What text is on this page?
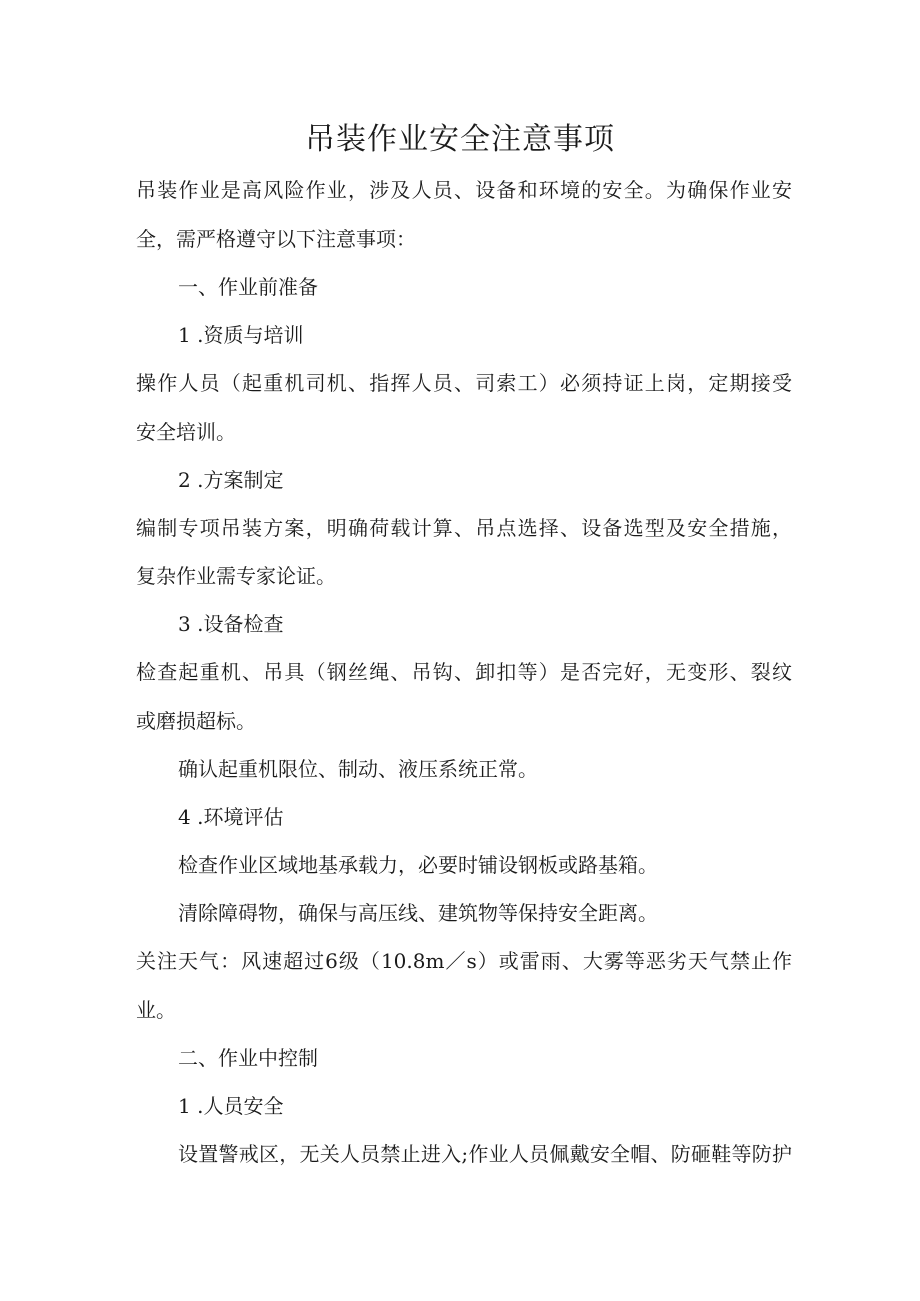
吊装作业安全注意事项

吊装作业是高风险作业，涉及人员、设备和环境的安全。为确保作业安

全，需严格遵守以下注意事项：

一、作业前准备

1 .资质与培训

操作人员（起重机司机、指挥人员、司索工）必须持证上岗，定期接受

安全培训。

2 .方案制定

编制专项吊装方案，明确荷载计算、吊点选择、设备选型及安全措施，

复杂作业需专家论证。

3 .设备检查

检查起重机、吊具（钢丝绳、吊钩、卸扣等）是否完好，无变形、裂纹

或磨损超标。

确认起重机限位、制动、液压系统正常。

4 .环境评估

检查作业区域地基承载力，必要时铺设钢板或路基箱。

清除障碍物，确保与高压线、建筑物等保持安全距离。

关注天气：风速超过6级（10.8m／s）或雷雨、大雾等恶劣天气禁止作

业。

二、作业中控制

1 .人员安全

设置警戒区，无关人员禁止进入;作业人员佩戴安全帽、防砸鞋等防护
